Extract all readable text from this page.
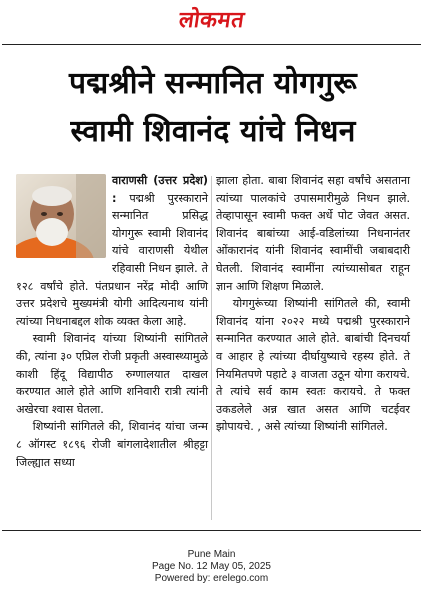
लोकमत
पद्मश्रीने सन्मानित योगगुरू
स्वामी शिवानंद यांचे निधन

वाराणसी (उत्तर प्रदेश) : पद्मश्री पुरस्काराने सन्मानित प्रसिद्ध योगगुरू स्वामी शिवानंद यांचे वाराणसी येथील रहिवासी निधन झाले. ते १२८ वर्षांचे होते. पंतप्रधान नरेंद्र मोदी आणि उत्तर प्रदेशचे मुख्यमंत्री योगी आदित्यनाथ यांनी त्यांच्या निधनाबद्दल शोक व्यक्त केला आहे.

स्वामी शिवानंद यांच्या शिष्यांनी सांगितले की, त्यांना ३० एप्रिल रोजी प्रकृती अस्वास्थ्यामुळे काशी हिंदू विद्यापीठ रुग्णालयात दाखल करण्यात आले होते आणि शनिवारी रात्री त्यांनी अखेरचा श्वास घेतला.

शिष्यांनी सांगितले की, शिवानंद यांचा जन्म ८ ऑगस्ट १८९६ रोजी बांगलादेशातील श्रीहट्टा जिल्ह्यात सध्या

झाला होता. बाबा शिवानंद सहा वर्षांचे असताना त्यांच्या पालकांचे उपासमारीमुळे निधन झाले. तेव्हापासून स्वामी फक्त अर्धे पोट जेवत असत. शिवानंद बाबांच्या आई-वडिलांच्या निधनानंतर ओंकारानंद यांनी शिवानंद स्वामींची जबाबदारी घेतली. शिवानंद स्वामींना त्यांच्यासोबत राहून ज्ञान आणि शिक्षण मिळाले.

योगगुरूंच्या शिष्यांनी सांगितले की, स्वामी शिवानंद यांना २०२२ मध्ये पद्मश्री पुरस्काराने सन्मानित करण्यात आले होते. बाबांची दिनचर्या व आहार हे त्यांच्या दीर्घायुष्याचे रहस्य होते. ते नियमितपणे पहाटे ३ वाजता उठून योगा करायचे. ते त्यांचे सर्व काम स्वतः करायचे. ते फक्त उकडलेले अन्न खात असत आणि चटईवर झोपायचे. , असे त्यांच्या शिष्यांनी सांगितले.

Pune Main
Page No. 12 May 05, 2025
Powered by: erelego.com
